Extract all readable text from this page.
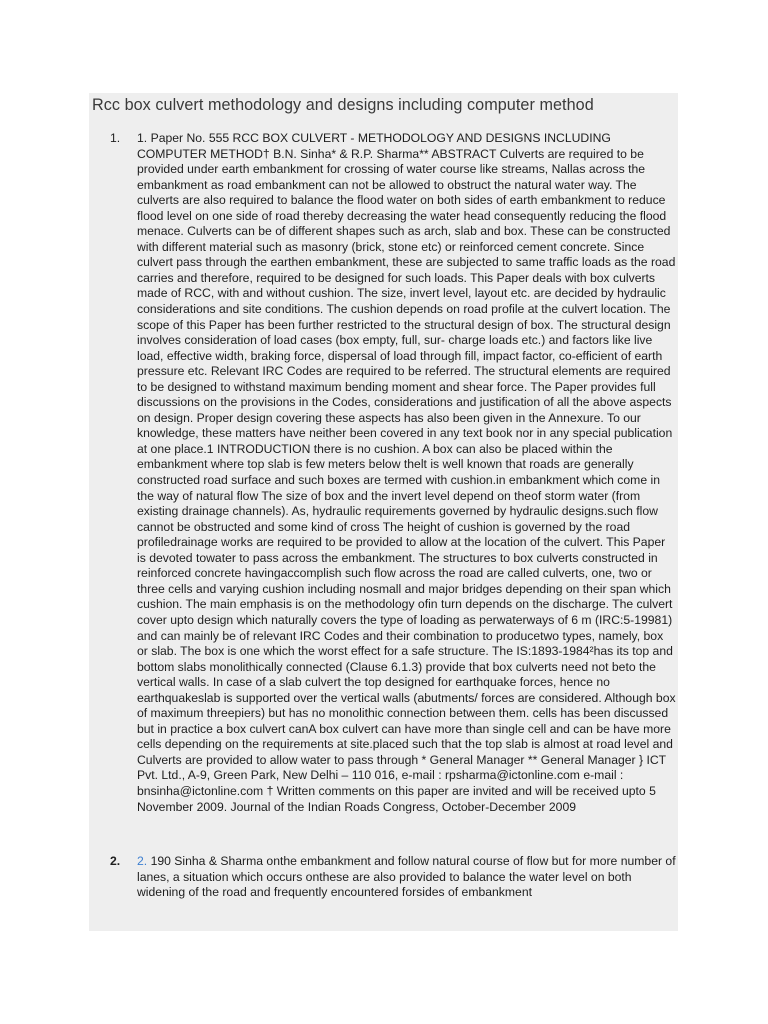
Rcc box culvert methodology and designs including computer method
1. 1. Paper No. 555 RCC BOX CULVERT - METHODOLOGY AND DESIGNS INCLUDING COMPUTER METHOD† B.N. Sinha* & R.P. Sharma** ABSTRACT Culverts are required to be provided under earth embankment for crossing of water course like streams, Nallas across the embankment as road embankment can not be allowed to obstruct the natural water way. The culverts are also required to balance the flood water on both sides of earth embankment to reduce flood level on one side of road thereby decreasing the water head consequently reducing the flood menace. Culverts can be of different shapes such as arch, slab and box. These can be constructed with different material such as masonry (brick, stone etc) or reinforced cement concrete. Since culvert pass through the earthen embankment, these are subjected to same traffic loads as the road carries and therefore, required to be designed for such loads. This Paper deals with box culverts made of RCC, with and without cushion. The size, invert level, layout etc. are decided by hydraulic considerations and site conditions. The cushion depends on road profile at the culvert location. The scope of this Paper has been further restricted to the structural design of box. The structural design involves consideration of load cases (box empty, full, sur- charge loads etc.) and factors like live load, effective width, braking force, dispersal of load through fill, impact factor, co-efficient of earth pressure etc. Relevant IRC Codes are required to be referred. The structural elements are required to be designed to withstand maximum bending moment and shear force. The Paper provides full discussions on the provisions in the Codes, considerations and justification of all the above aspects on design. Proper design covering these aspects has also been given in the Annexure. To our knowledge, these matters have neither been covered in any text book nor in any special publication at one place.1 INTRODUCTION there is no cushion. A box can also be placed within the embankment where top slab is few meters below thelt is well known that roads are generally constructed road surface and such boxes are termed with cushion.in embankment which come in the way of natural flow The size of box and the invert level depend on theof storm water (from existing drainage channels). As, hydraulic requirements governed by hydraulic designs.such flow cannot be obstructed and some kind of cross The height of cushion is governed by the road profiledrainage works are required to be provided to allow at the location of the culvert. This Paper is devoted towater to pass across the embankment. The structures to box culverts constructed in reinforced concrete havingaccomplish such flow across the road are called culverts, one, two or three cells and varying cushion including nosmall and major bridges depending on their span which cushion. The main emphasis is on the methodology ofin turn depends on the discharge. The culvert cover upto design which naturally covers the type of loading as perwaterways of 6 m (IRC:5-19981) and can mainly be of relevant IRC Codes and their combination to producetwo types, namely, box or slab. The box is one which the worst effect for a safe structure. The IS:1893-1984²has its top and bottom slabs monolithically connected (Clause 6.1.3) provide that box culverts need not beto the vertical walls. In case of a slab culvert the top designed for earthquake forces, hence no earthquakeslab is supported over the vertical walls (abutments/ forces are considered. Although box of maximum threepiers) but has no monolithic connection between them. cells has been discussed but in practice a box culvert canA box culvert can have more than single cell and can be have more cells depending on the requirements at site.placed such that the top slab is almost at road level and Culverts are provided to allow water to pass through * General Manager ** General Manager } ICT Pvt. Ltd., A-9, Green Park, New Delhi – 110 016, e-mail : rpsharma@ictonline.com e-mail : bnsinha@ictonline.com † Written comments on this paper are invited and will be received upto 5 November 2009. Journal of the Indian Roads Congress, October-December 2009
2. 2. 190 Sinha & Sharma onthe embankment and follow natural course of flow but for more number of lanes, a situation which occurs onthese are also provided to balance the water level on both widening of the road and frequently encountered forsides of embankment
